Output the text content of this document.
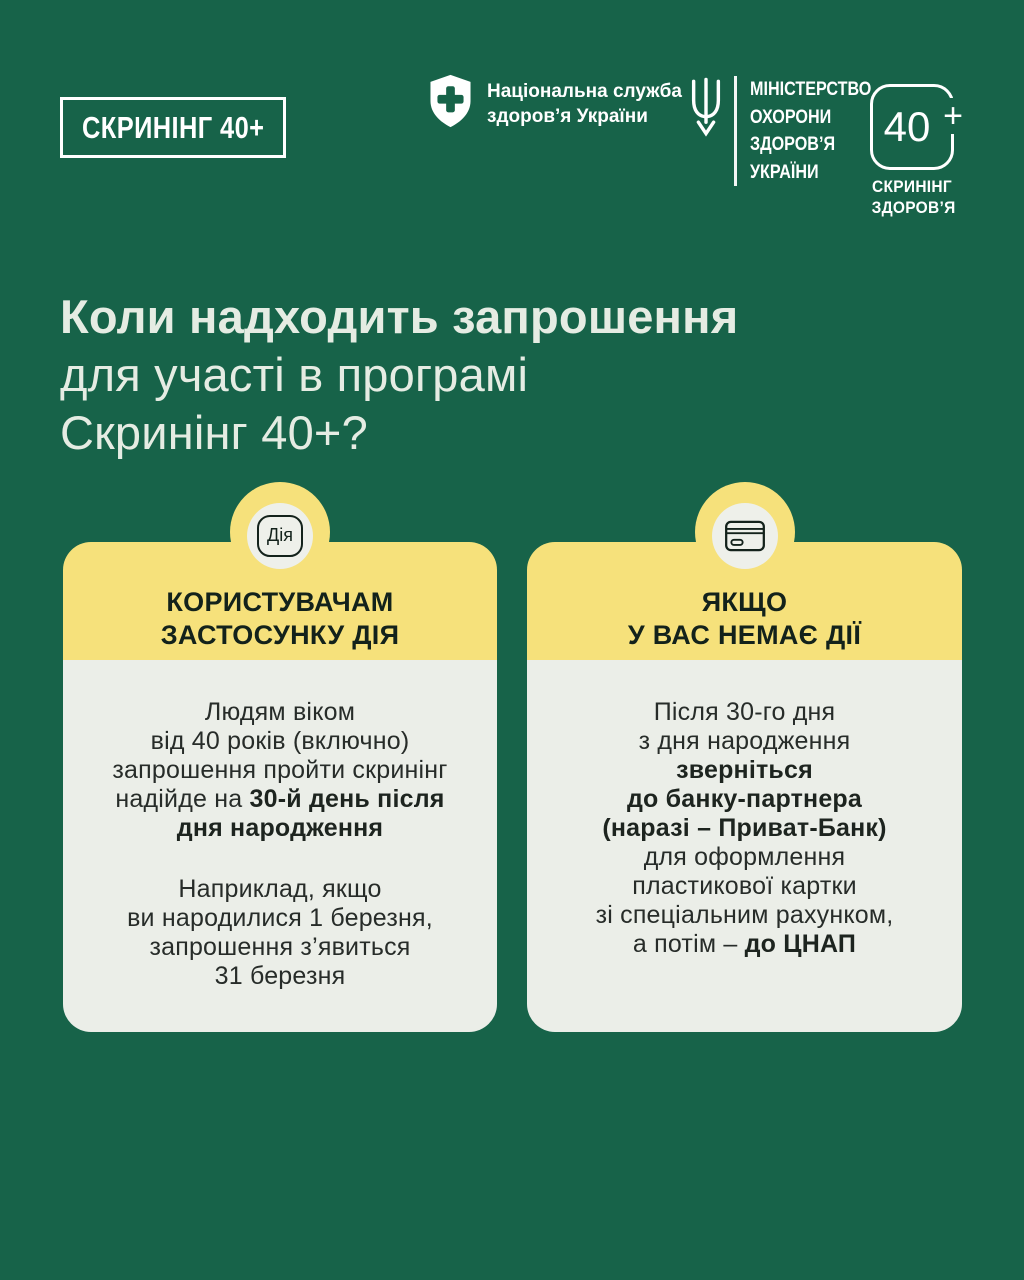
СКРИНІНГ 40+
Національна служба
здоров’я України
МІНІСТЕРСТВО
ОХОРОНИ
ЗДОРОВ’Я
УКРАЇНИ
40 +
СКРИНІНГ
ЗДОРОВ’Я
Коли надходить запрошення
для участі в програмі
Скринінг 40+?
Дія
КОРИСТУВАЧАМ
ЗАСТОСУНКУ ДІЯ

Людям віком
від 40 років (включно)
запрошення пройти скринінг
надійде на 30-й день після
дня народження

Наприклад, якщо
ви народилися 1 березня,
запрошення з’явиться
31 березня

ЯКЩО
У ВАС НЕМАЄ ДІЇ

Після 30-го дня
з дня народження
зверніться
до банку-партнера
(наразі – Приват-Банк)
для оформлення
пластикової картки
зі спеціальним рахунком,
а потім – до ЦНАП
